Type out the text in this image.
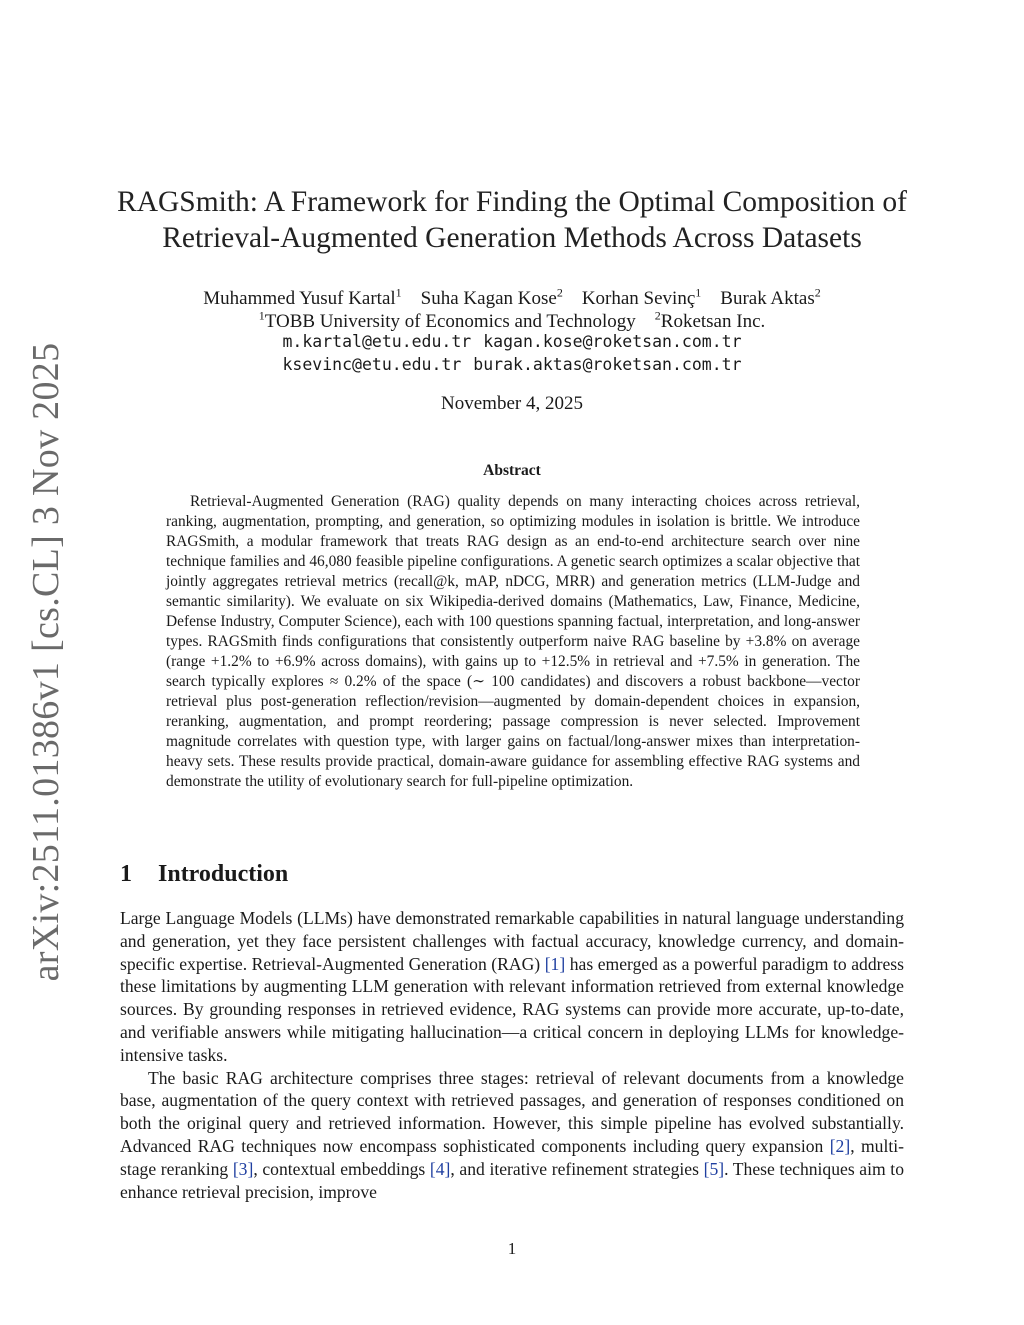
arXiv:2511.01386v1 [cs.CL] 3 Nov 2025
RAGSmith: A Framework for Finding the Optimal Composition of
Retrieval-Augmented Generation Methods Across Datasets
Muhammed Yusuf Kartal$^1$ Suha Kagan Kose$^2$ Korhan Sevinç$^1$ Burak Aktas$^2$
$^1$TOBB University of Economics and Technology $^2$Roketsan Inc.
m.kartal@etu.edu.tr kagan.kose@roketsan.com.tr
ksevinc@etu.edu.tr burak.aktas@roketsan.com.tr
November 4, 2025
Abstract

Retrieval-Augmented Generation (RAG) quality depends on many interacting choices across retrieval, ranking, augmentation, prompting, and generation, so optimizing modules in isolation is brittle. We introduce RAGSmith, a modular framework that treats RAG design as an end-to-end architecture search over nine technique families and 46,080 feasible pipeline configurations. A genetic search optimizes a scalar objective that jointly aggregates retrieval metrics (recall@k, mAP, nDCG, MRR) and generation metrics (LLM-Judge and semantic similarity). We evaluate on six Wikipedia-derived domains (Mathematics, Law, Finance, Medicine, Defense Industry, Computer Science), each with 100 questions spanning factual, interpretation, and long-answer types. RAGSmith finds configurations that consistently outperform naive RAG baseline by +3.8% on average (range +1.2% to +6.9% across domains), with gains up to +12.5% in retrieval and +7.5% in generation. The search typically explores ≈ 0.2% of the space (∼ 100 candidates) and discovers a robust backbone—vector retrieval plus post-generation reflection/revision—augmented by domain-dependent choices in expansion, reranking, augmentation, and prompt reordering; passage compression is never selected. Improvement magnitude correlates with question type, with larger gains on factual/long-answer mixes than interpretation-heavy sets. These results provide practical, domain-aware guidance for assembling effective RAG systems and demonstrate the utility of evolutionary search for full-pipeline optimization.

1 Introduction

Large Language Models (LLMs) have demonstrated remarkable capabilities in natural language understanding and generation, yet they face persistent challenges with factual accuracy, knowledge currency, and domain-specific expertise. Retrieval-Augmented Generation (RAG) [1] has emerged as a powerful paradigm to address these limitations by augmenting LLM generation with relevant information retrieved from external knowledge sources. By grounding responses in retrieved evidence, RAG systems can provide more accurate, up-to-date, and verifiable answers while mitigating hallucination—a critical concern in deploying LLMs for knowledge-intensive tasks.

The basic RAG architecture comprises three stages: retrieval of relevant documents from a knowledge base, augmentation of the query context with retrieved passages, and generation of responses conditioned on both the original query and retrieved information. However, this simple pipeline has evolved substantially. Advanced RAG techniques now encompass sophisticated components including query expansion [2], multi-stage reranking [3], contextual embeddings [4], and iterative refinement strategies [5]. These techniques aim to enhance retrieval precision, improve

1
